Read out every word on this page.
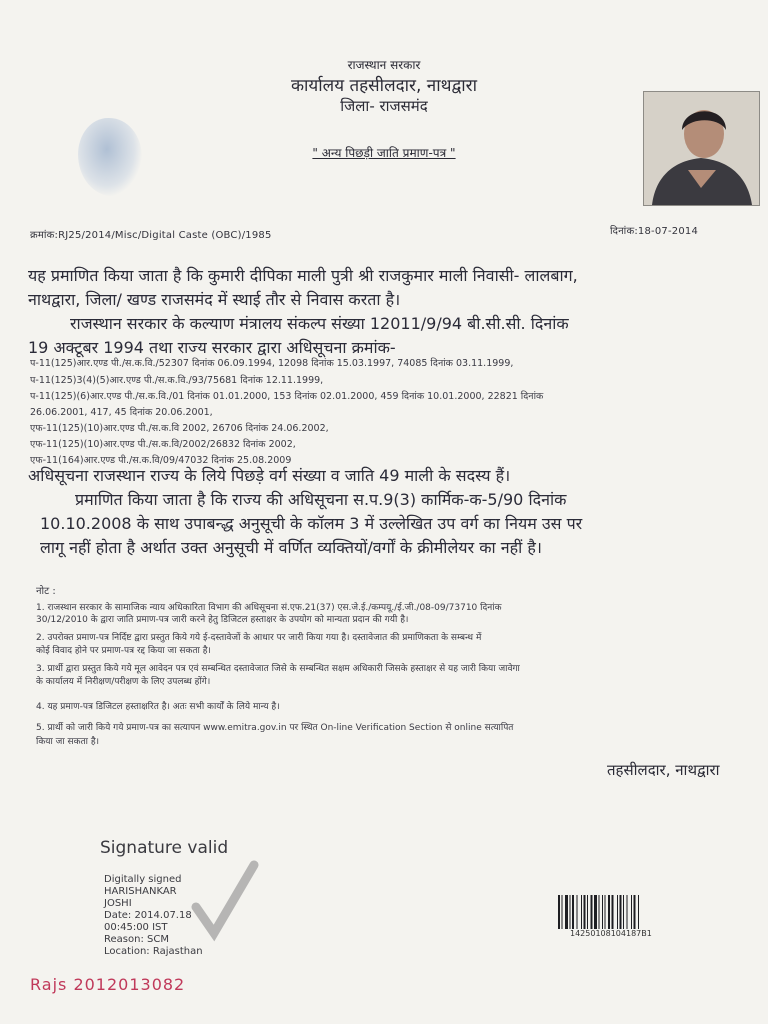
राजस्थान सरकार
कार्यालय तहसीलदार, नाथद्वारा
जिला- राजसमंद
" अन्य पिछड़ी जाति प्रमाण-पत्र "
क्रमांक:RJ25/2014/Misc/Digital Caste (OBC)/1985	दिनांक:18-07-2014
यह प्रमाणित किया जाता है कि कुमारी दीपिका माली पुत्री श्री राजकुमार माली निवासी- लालबाग,
नाथद्वारा, जिला/ खण्ड राजसमंद में स्थाई तौर से निवास करता है।
राजस्थान सरकार के कल्याण मंत्रालय संकल्प संख्या 12011/9/94 बी.सी.सी. दिनांक
19 अक्टूबर 1994 तथा राज्य सरकार द्वारा अधिसूचना क्रमांक-
प-11(125)आर.एण्ड पी./स.क.वि./52307 दिनांक 06.09.1994, 12098 दिनांक 15.03.1997, 74085 दिनांक 03.11.1999,
प-11(125)3(4)(5)आर.एण्ड पी./स.क.वि./93/75681 दिनांक 12.11.1999,
प-11(125)(6)आर.एण्ड पी./स.क.वि./01 दिनांक 01.01.2000, 153 दिनांक 02.01.2000, 459 दिनांक 10.01.2000, 22821 दिनांक
26.06.2001, 417, 45 दिनांक 20.06.2001,
एफ-11(125)(10)आर.एण्ड पी./स.क.वि 2002, 26706 दिनांक 24.06.2002,
एफ-11(125)(10)आर.एण्ड पी./स.क.वि/2002/26832 दिनांक 2002,
एफ-11(164)आर.एण्ड पी./स.क.वि/09/47032 दिनांक 25.08.2009
अधिसूचना राजस्थान राज्य के लिये पिछड़े वर्ग संख्या व जाति 49 माली के सदस्य हैं।
प्रमाणित किया जाता है कि राज्य की अधिसूचना स.प.9(3) कार्मिक-क-5/90 दिनांक
10.10.2008 के साथ उपाबन्द्ध अनुसूची के कॉलम 3 में उल्लेखित उप वर्ग का नियम उस पर
लागू नहीं होता है अर्थात उक्त अनुसूची में वर्णित व्यक्तियों/वर्गों के क्रीमीलेयर का नहीं है।
नोट :
1. राजस्थान सरकार के सामाजिक न्याय अधिकारिता विभाग की अधिसूचना सं.एफ.21(37) एस.जे.ई./कम्पयू./ई.जी./08-09/73710 दिनांक
30/12/2010 के द्वारा जाति प्रमाण-पत्र जारी करने हेतु डिजिटल हस्ताक्षर के उपयोग को मान्यता प्रदान की गयी है।
2. उपरोक्त प्रमाण-पत्र निर्दिष्ट द्वारा प्रस्तुत किये गये ई-दस्तावेजों के आधार पर जारी किया गया है। दस्तावेजात की प्रमाणिकता के सम्बन्ध में
कोई विवाद होने पर प्रमाण-पत्र रद्द किया जा सकता है।
3. प्रार्थी द्वारा प्रस्तुत किये गये मूल आवेदन पत्र एवं सम्बन्धित दस्तावेजात जिसे के सम्बन्धित सक्षम अधिकारी जिसके हस्ताक्षर से यह जारी किया जावेगा
के कार्यालय में निरीक्षण/परीक्षण के लिए उपलब्ध होंगे।
4. यह प्रमाण-पत्र डिजिटल हस्ताक्षरित है। अतः सभी कार्यों के लिये मान्य है।
5. प्रार्थी को जारी किये गये प्रमाण-पत्र का सत्यापन www.emitra.gov.in पर स्थित On-line Verification Section से online सत्यापित
किया जा सकता है।
तहसीलदार, नाथद्वारा
Signature valid
Digitally signed
HARISHANKAR
JOSHI
Date: 2014.07.18
00:45:00 IST
Reason: SCM
Location: Rajasthan
14250108104187B1
Rajs 2012013082
